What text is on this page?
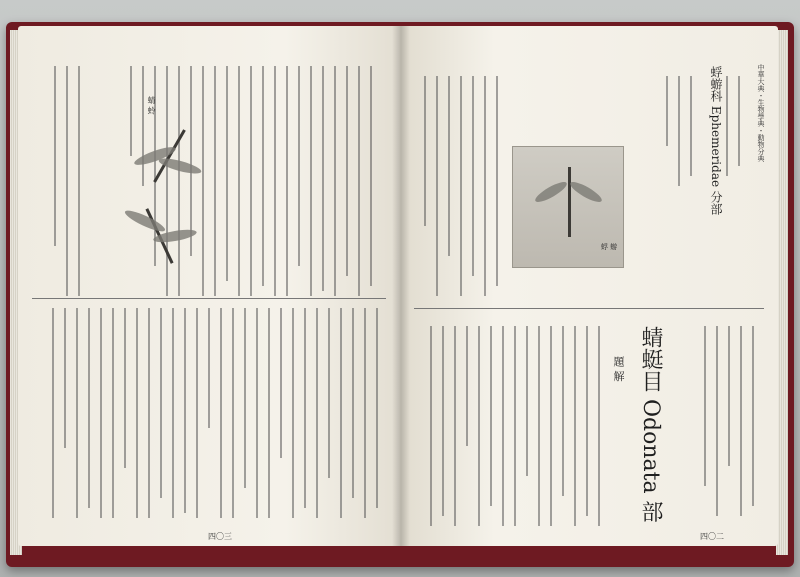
蜻 蛉
四〇三
中華大典・生物學典・動物分典
蜉蝣科 Ephemeridae 分部
蜉 蝣
蜻蜓目 Odonata 部
題 解
四〇二
